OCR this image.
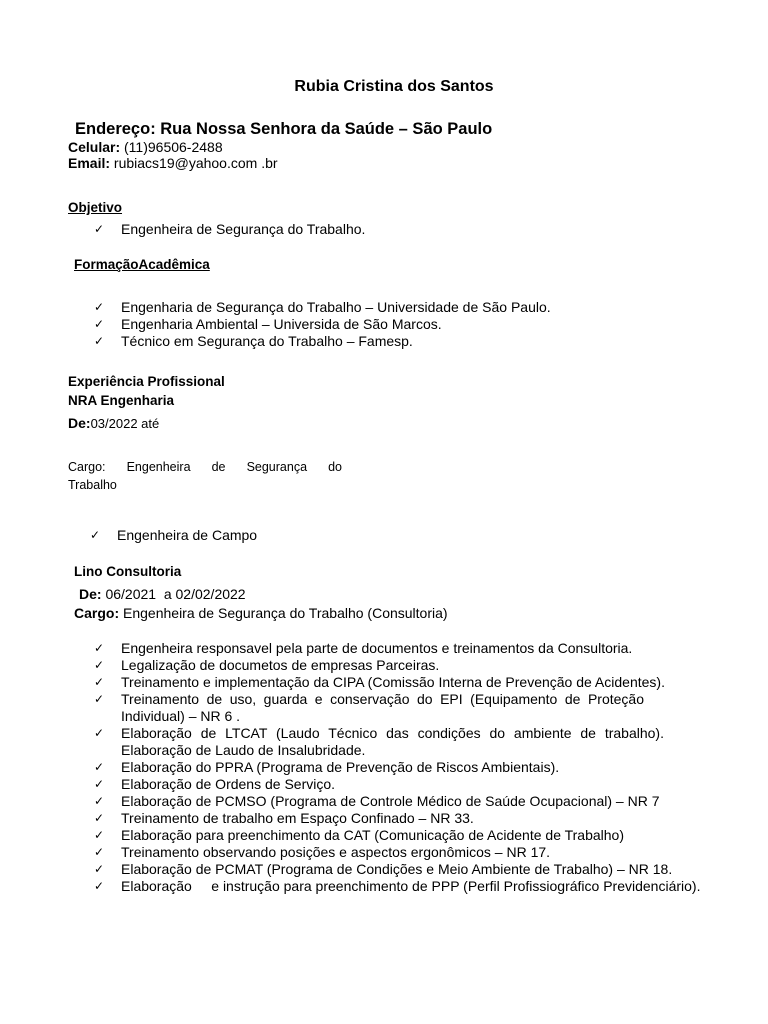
Rubia Cristina dos Santos
Endereço: Rua Nossa Senhora da Saúde – São Paulo
Celular: (11)96506-2488
Email: rubiacs19@yahoo.com .br
Objetivo
✓ Engenheira de Segurança do Trabalho.
FormaçãoAcadêmica
✓ Engenharia de Segurança do Trabalho – Universidade de São Paulo.
✓ Engenharia Ambiental – Universida de São Marcos.
✓ Técnico em Segurança do Trabalho – Famesp.
Experiência Profissional
NRA Engenharia
De:03/2022 até
Cargo: Engenheira de Segurança do
Trabalho
✓ Engenheira de Campo
Lino Consultoria
De: 06/2021  a 02/02/2022
Cargo: Engenheira de Segurança do Trabalho (Consultoria)
✓ Engenheira responsavel pela parte de documentos e treinamentos da Consultoria.
✓ Legalização de documetos de empresas Parceiras.
✓ Treinamento e implementação da CIPA (Comissão Interna de Prevenção de Acidentes).
✓ Treinamento de uso, guarda e conservação do EPI (Equipamento de Proteção Individual) – NR 6 .
✓ Elaboração de LTCAT (Laudo Técnico das condições do ambiente de trabalho). Elaboração de Laudo de Insalubridade.
✓ Elaboração do PPRA (Programa de Prevenção de Riscos Ambientais).
✓ Elaboração de Ordens de Serviço.
✓ Elaboração de PCMSO (Programa de Controle Médico de Saúde Ocupacional) – NR 7
✓ Treinamento de trabalho em Espaço Confinado – NR 33.
✓ Elaboração para preenchimento da CAT (Comunicação de Acidente de Trabalho)
✓ Treinamento observando posições e aspectos ergonômicos – NR 17.
✓ Elaboração de PCMAT (Programa de Condições e Meio Ambiente de Trabalho) – NR 18.
✓ Elaboração     e instrução para preenchimento de PPP (Perfil Profissiográfico Previdenciário).
